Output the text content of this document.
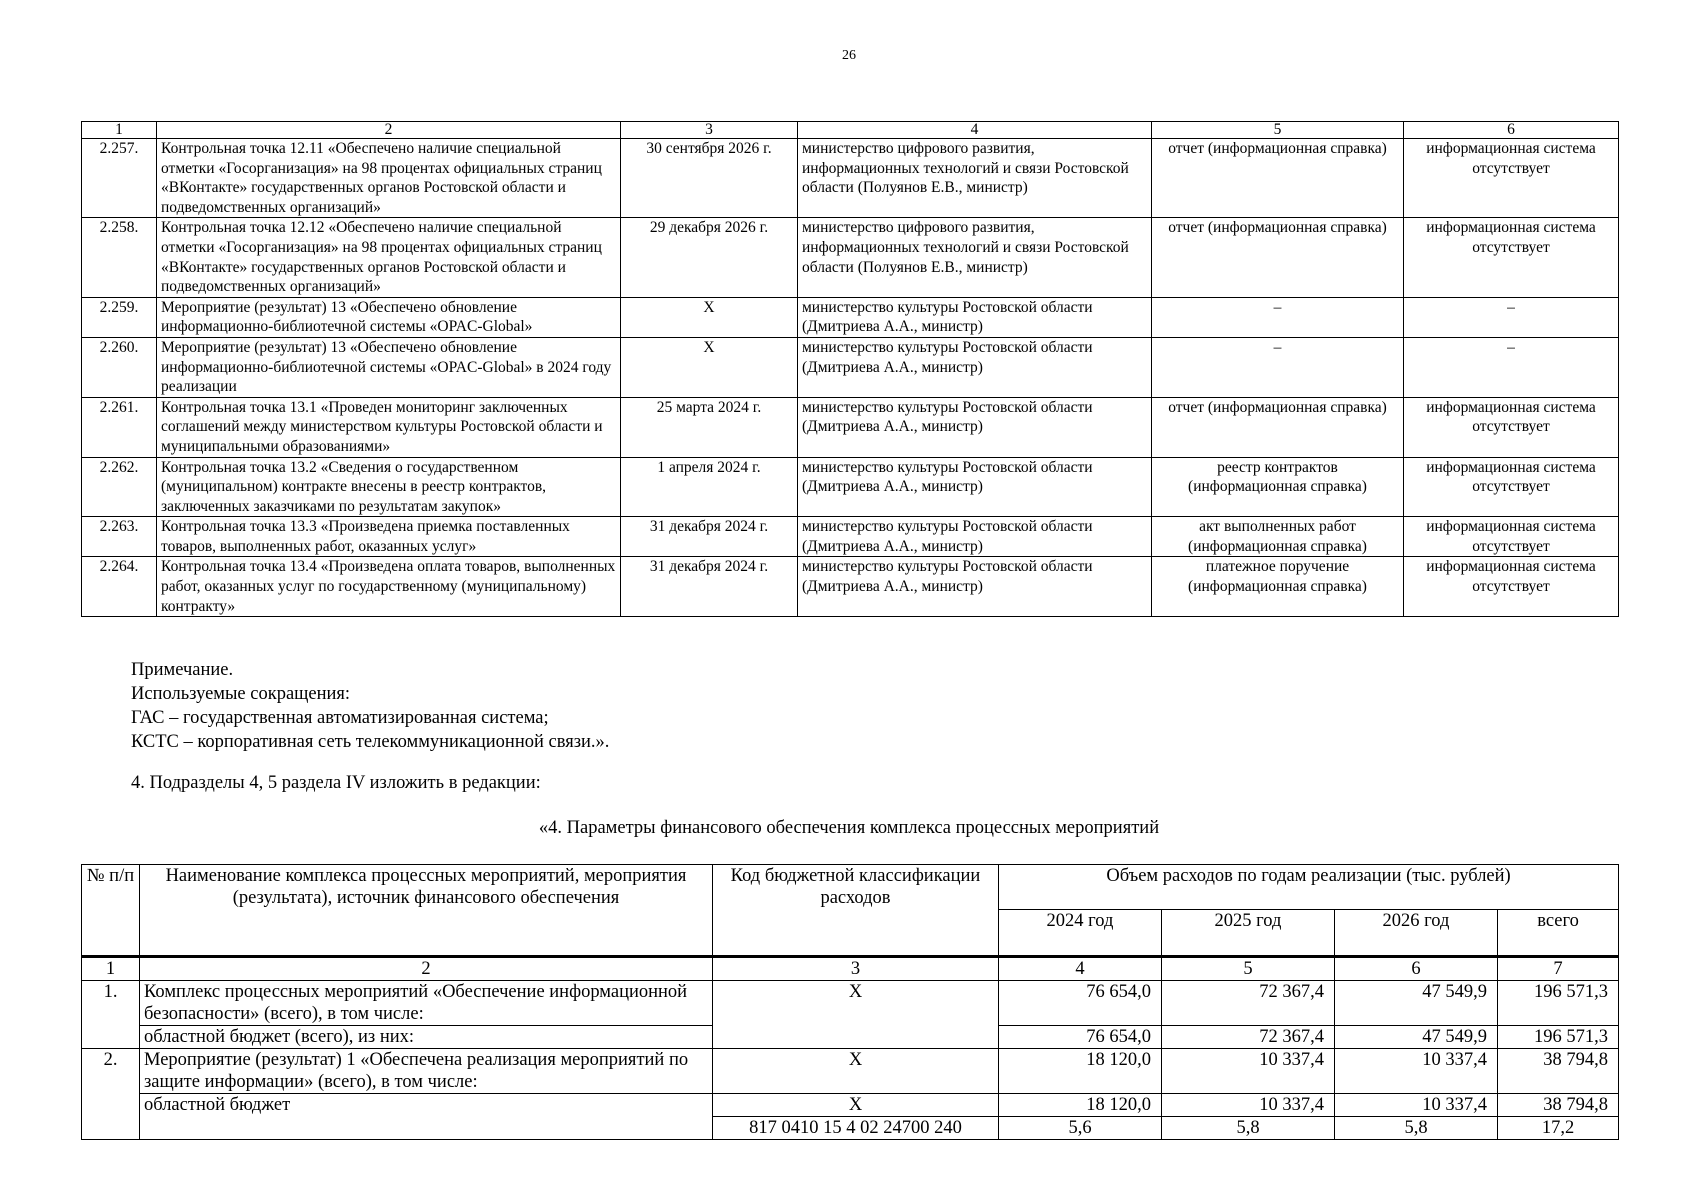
26
1	2	3	4	5	6
2.257.	Контрольная точка 12.11 «Обеспечено наличие специальной отметки «Госорганизация» на 98 процентах официальных страниц «ВКонтакте» государственных органов Ростовской области и подведомственных организаций»	30 сентября 2026 г.	министерство цифрового развития, информационных технологий и связи Ростовской области (Полуянов Е.В., министр)	отчет (информационная справка)	информационная система отсутствует
2.258.	Контрольная точка 12.12 «Обеспечено наличие специальной отметки «Госорганизация» на 98 процентах официальных страниц «ВКонтакте» государственных органов Ростовской области и подведомственных организаций»	29 декабря 2026 г.	министерство цифрового развития, информационных технологий и связи Ростовской области (Полуянов Е.В., министр)	отчет (информационная справка)	информационная система отсутствует
2.259.	Мероприятие (результат) 13 «Обеспечено обновление информационно-библиотечной системы «OPAC-Global»	X	министерство культуры Ростовской области (Дмитриева А.А., министр)	–	–
2.260.	Мероприятие (результат) 13 «Обеспечено обновление информационно-библиотечной системы «OPAC-Global» в 2024 году реализации	X	министерство культуры Ростовской области (Дмитриева А.А., министр)	–	–
2.261.	Контрольная точка 13.1 «Проведен мониторинг заключенных соглашений между министерством культуры Ростовской области и муниципальными образованиями»	25 марта 2024 г.	министерство культуры Ростовской области (Дмитриева А.А., министр)	отчет (информационная справка)	информационная система отсутствует
2.262.	Контрольная точка 13.2 «Сведения о государственном (муниципальном) контракте внесены в реестр контрактов, заключенных заказчиками по результатам закупок»	1 апреля 2024 г.	министерство культуры Ростовской области (Дмитриева А.А., министр)	реестр контрактов (информационная справка)	информационная система отсутствует
2.263.	Контрольная точка 13.3 «Произведена приемка поставленных товаров, выполненных работ, оказанных услуг»	31 декабря 2024 г.	министерство культуры Ростовской области (Дмитриева А.А., министр)	акт выполненных работ (информационная справка)	информационная система отсутствует
2.264.	Контрольная точка 13.4 «Произведена оплата товаров, выполненных работ, оказанных услуг по государственному (муниципальному) контракту»	31 декабря 2024 г.	министерство культуры Ростовской области (Дмитриева А.А., министр)	платежное поручение (информационная справка)	информационная система отсутствует
Примечание.
Используемые сокращения:
ГАС – государственная автоматизированная система;
КСТС – корпоративная сеть телекоммуникационной связи.».
4. Подразделы 4, 5 раздела IV изложить в редакции:
«4. Параметры финансового обеспечения комплекса процессных мероприятий
№ п/п	Наименование комплекса процессных мероприятий, мероприятия (результата), источник финансового обеспечения	Код бюджетной классификации расходов	Объем расходов по годам реализации (тыс. рублей)			
			2024 год	2025 год	2026 год	всего
1	2	3	4	5	6	7
1.	Комплекс процессных мероприятий «Обеспечение информационной безопасности» (всего), в том числе:	X	76 654,0	72 367,4	47 549,9	196 571,3
	областной бюджет (всего), из них:		76 654,0	72 367,4	47 549,9	196 571,3
2.	Мероприятие (результат) 1 «Обеспечена реализация мероприятий по защите информации» (всего), в том числе:	X	18 120,0	10 337,4	10 337,4	38 794,8
	областной бюджет	X	18 120,0	10 337,4	10 337,4	38 794,8
		817 0410 15 4 02 24700 240	5,6	5,8	5,8	17,2
